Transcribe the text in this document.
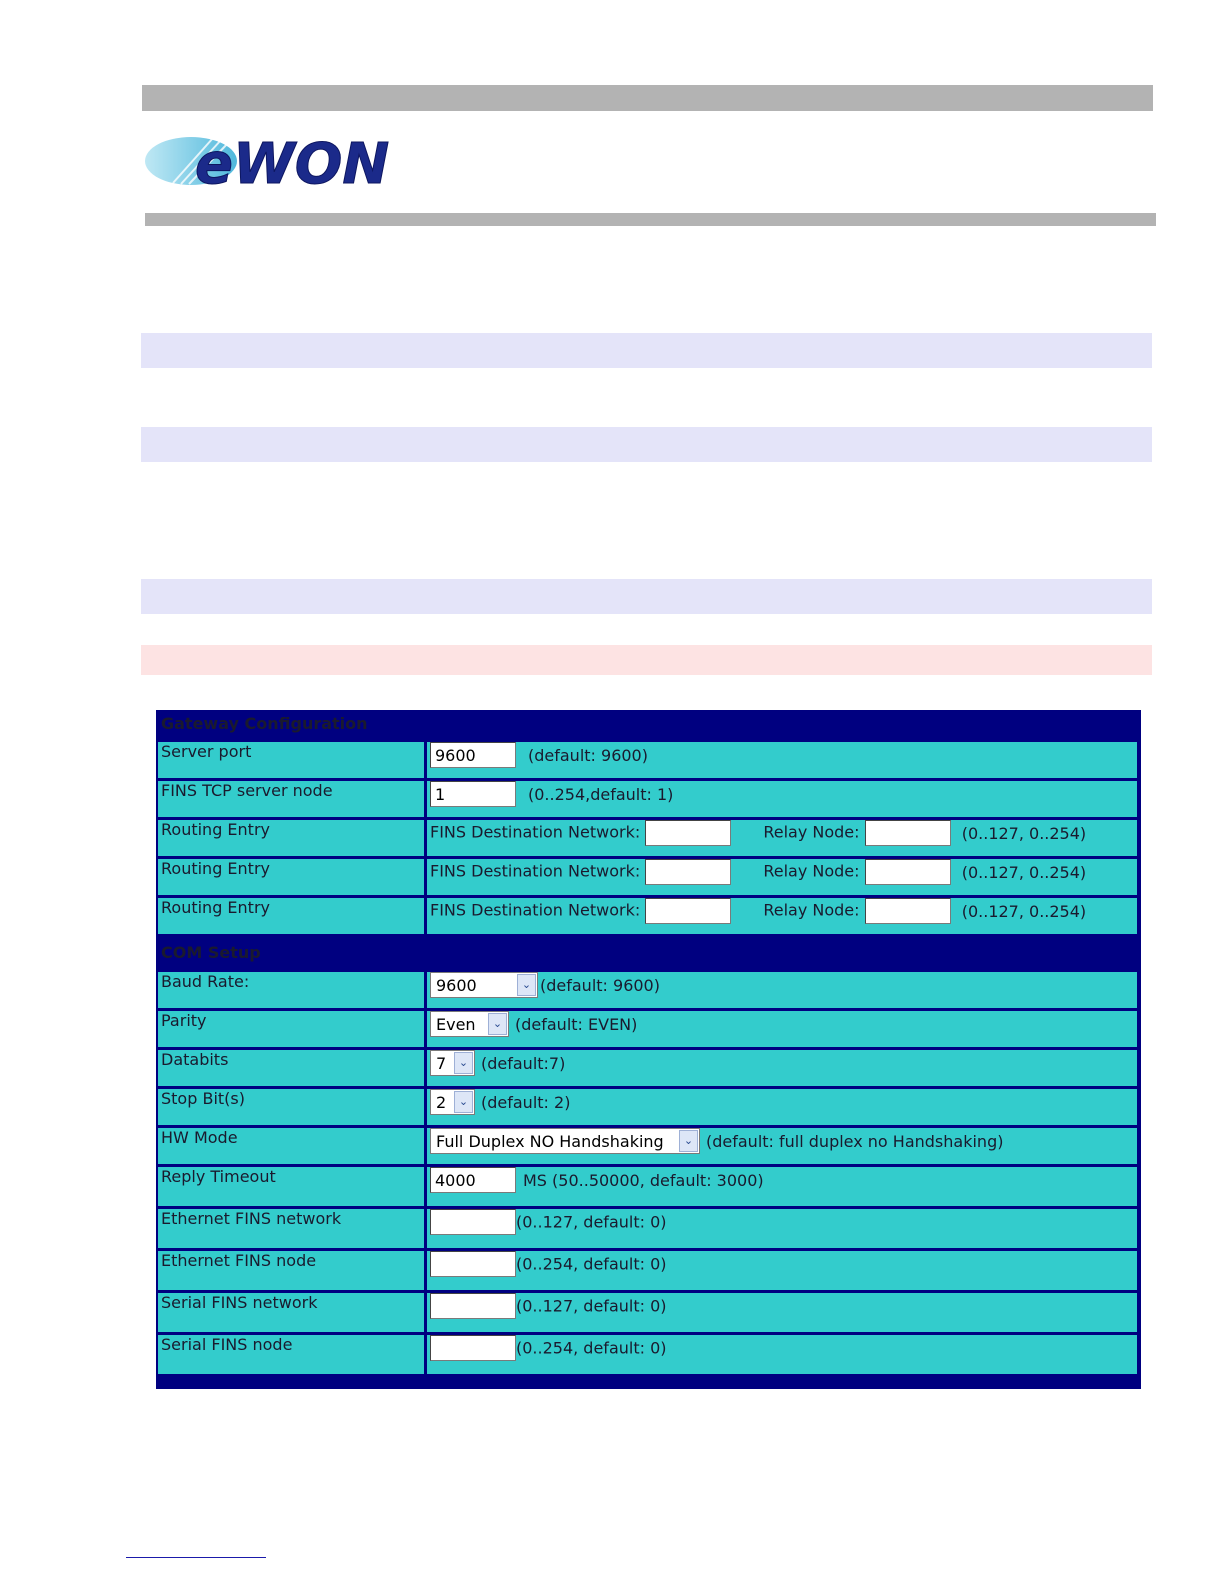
eWON
Gateway Configuration	
Server port	9600 (default: 9600)
FINS TCP server node	1 (0..254,default: 1)
Routing Entry	FINS Destination Network: Relay Node: (0..127, 0..254)
Routing Entry	FINS Destination Network: Relay Node: (0..127, 0..254)
Routing Entry	FINS Destination Network: Relay Node: (0..127, 0..254)
COM Setup	
Baud Rate:	9600 ⌄ (default: 9600)
Parity	Even ⌄ (default: EVEN)
Databits	7 ⌄ (default:7)
Stop Bit(s)	2 ⌄ (default: 2)
HW Mode	Full Duplex NO Handshaking ⌄ (default: full duplex no Handshaking)
Reply Timeout	4000 MS (50..50000, default: 3000)
Ethernet FINS network	(0..127, default: 0)
Ethernet FINS node	(0..254, default: 0)
Serial FINS network	(0..127, default: 0)
Serial FINS node	(0..254, default: 0)
